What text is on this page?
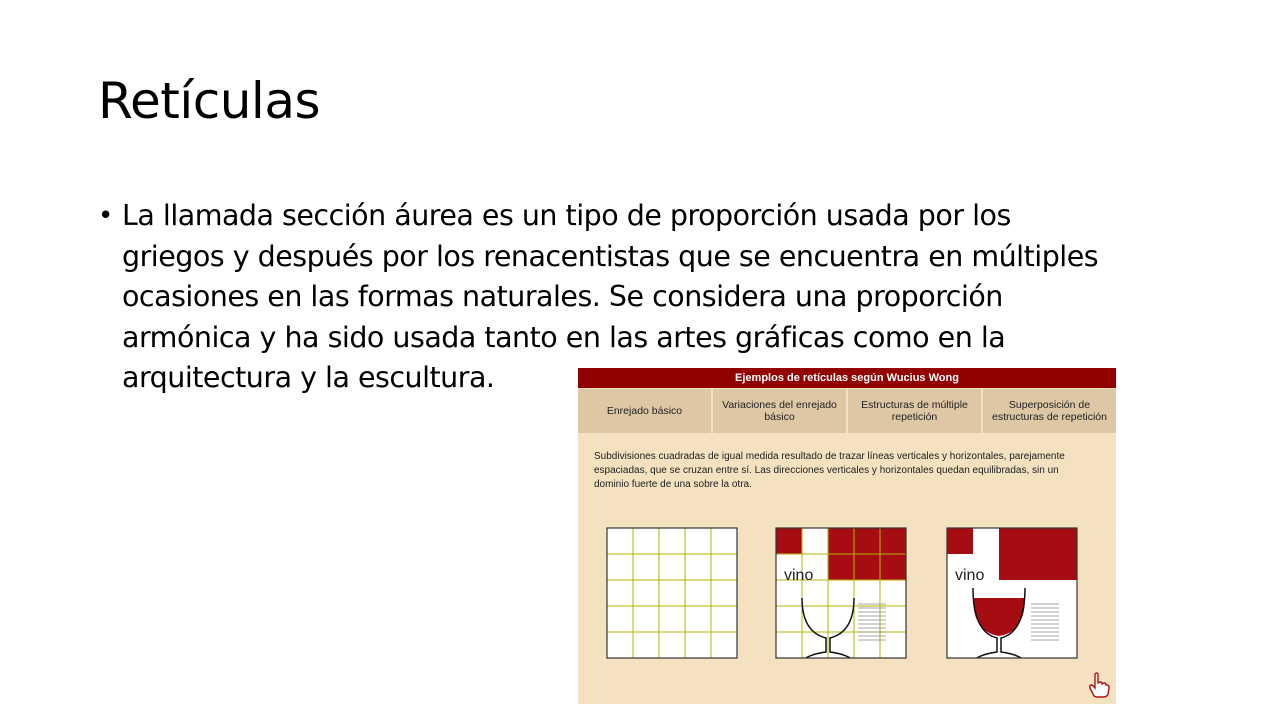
Retículas
• La llamada sección áurea es un tipo de proporción usada por los
griegos y después por los renacentistas que se encuentra en múltiples
ocasiones en las formas naturales. Se considera una proporción
armónica y ha sido usada tanto en las artes gráficas como en la
arquitectura y la escultura.	Ejemplos de retículas según Wucius Wong
Enrejado básico	Variaciones del enrejado básico
Estructuras de múltiple repetición
Superposición de estructuras de repetición
Subdivisiones cuadradas de igual medida resultado de trazar líneas verticales y horizontales, parejamente espaciadas, que se cruzan entre sí. Las direcciones verticales y horizontales quedan equilibradas, sin un dominio fuerte de una sobre la otra.
vino	vino
